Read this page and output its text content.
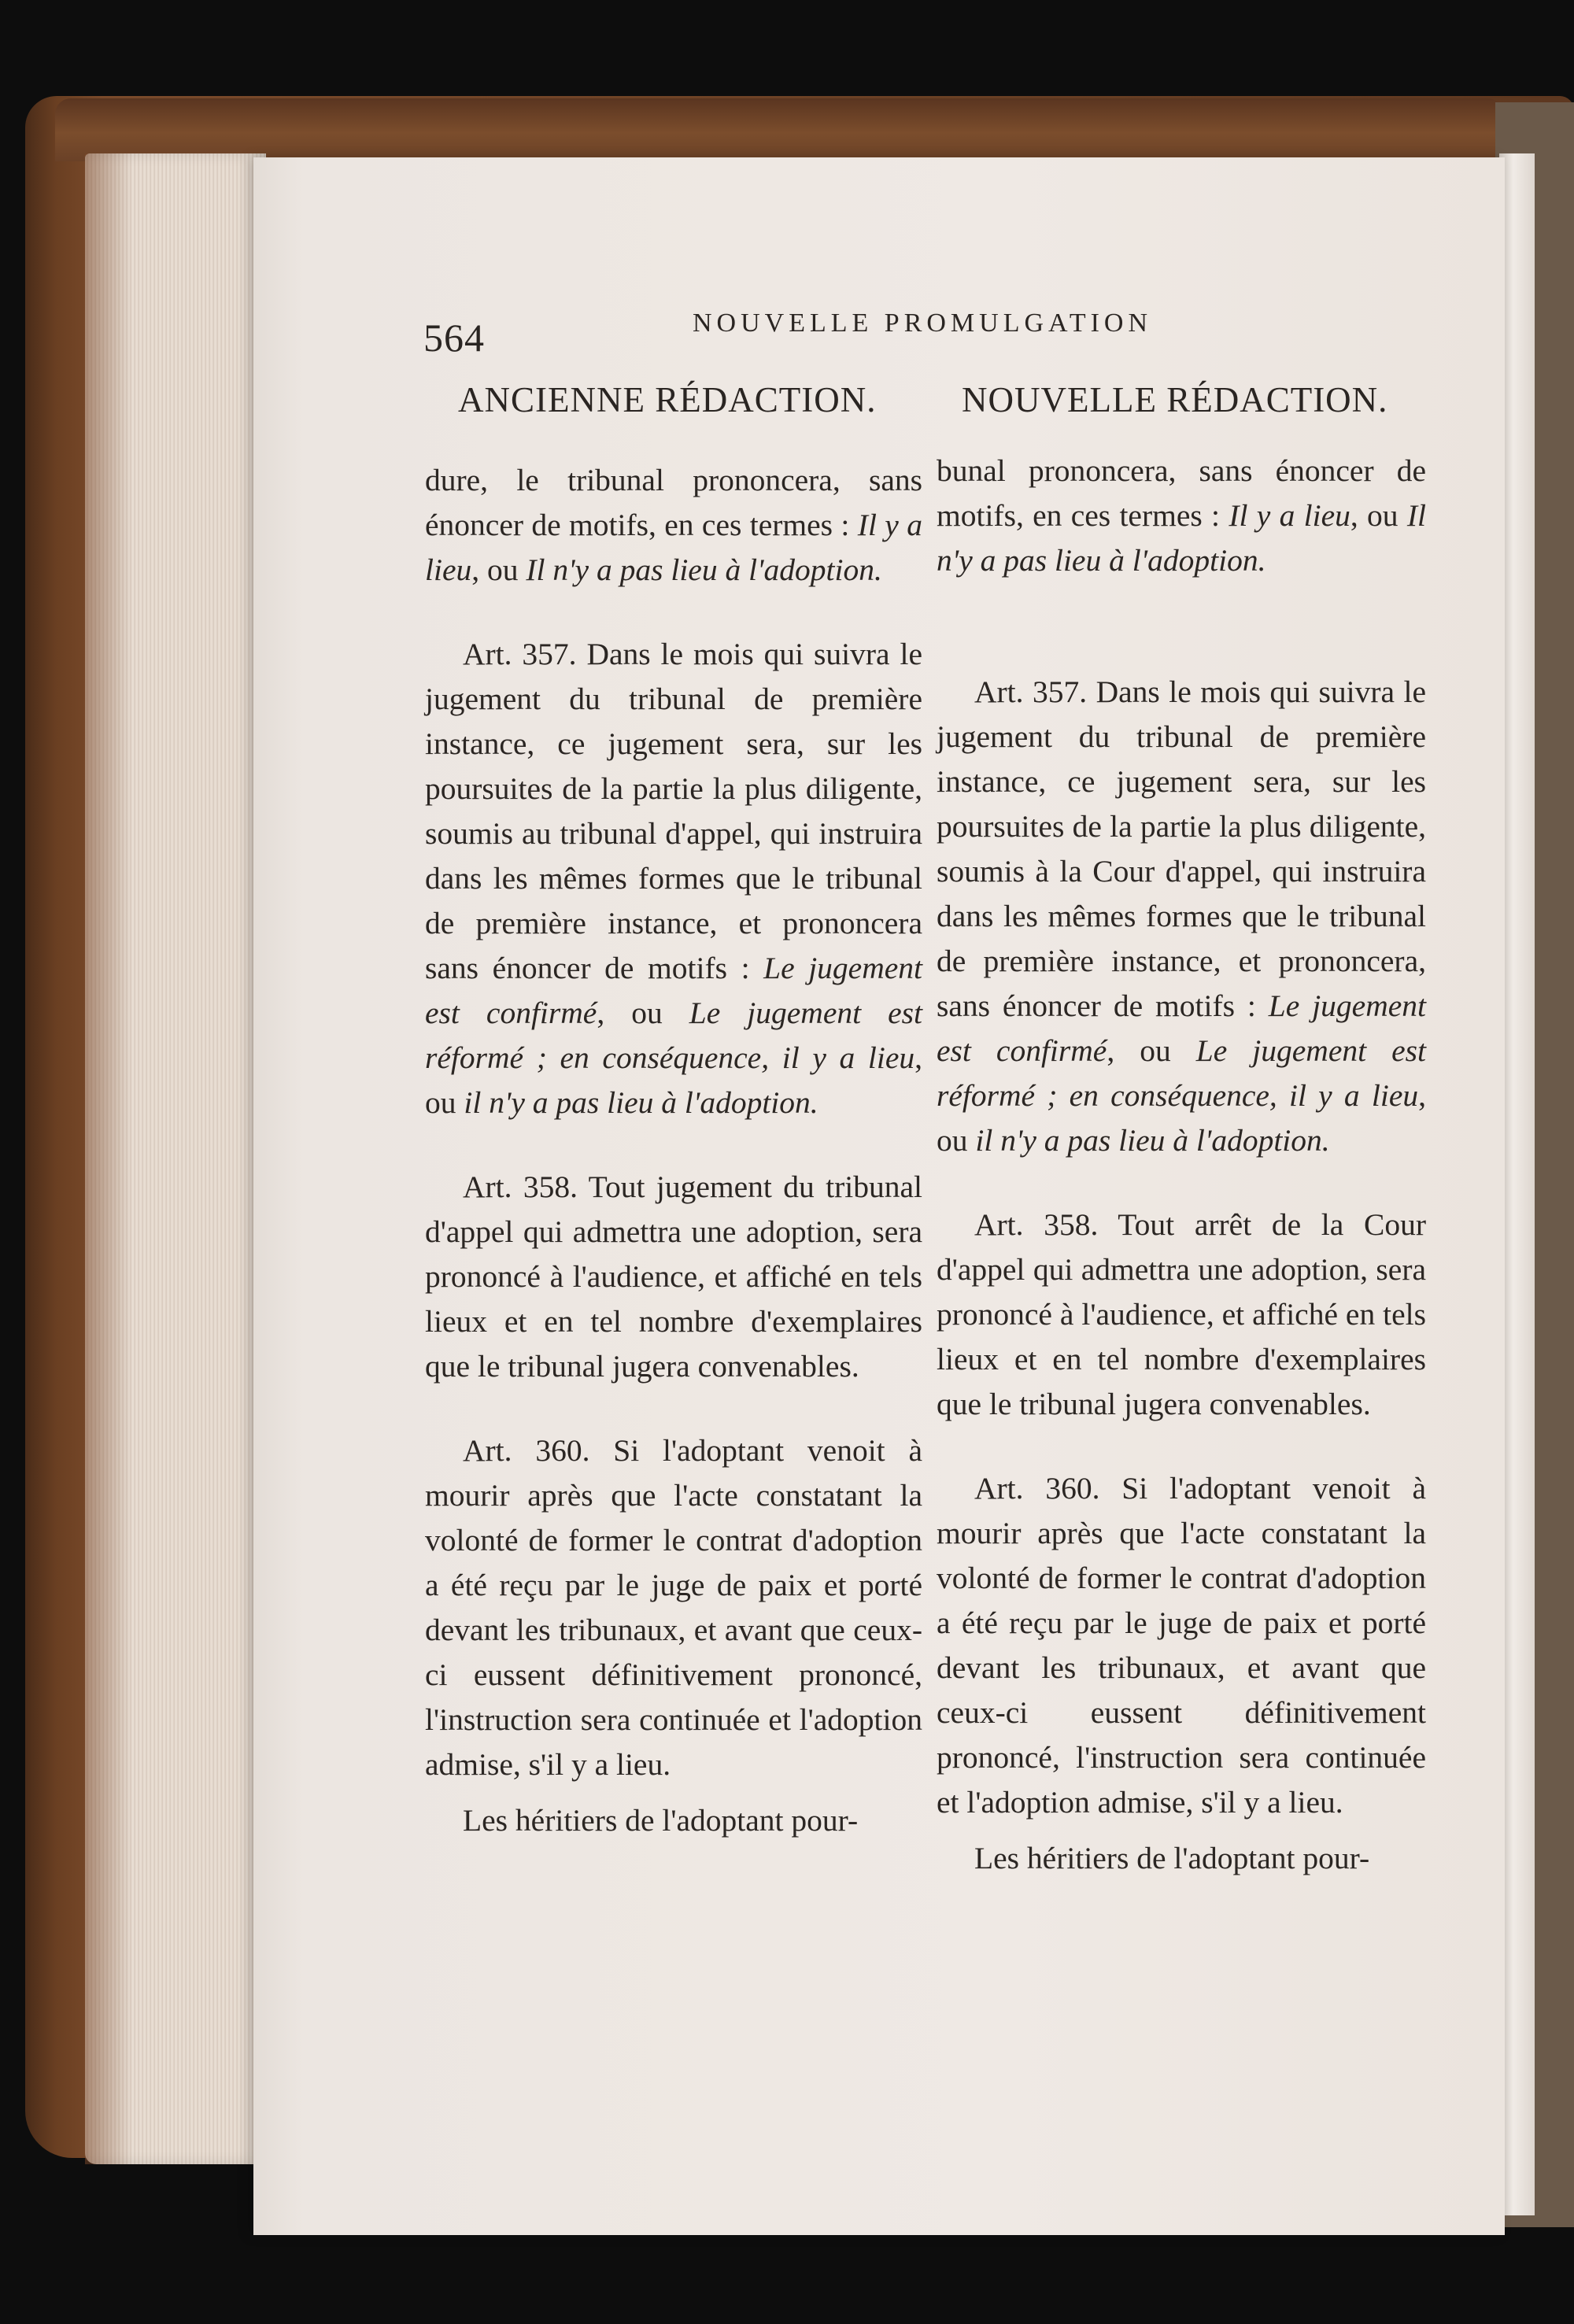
564	NOUVELLE PROMULGATION
ANCIENNE RÉDACTION. NOUVELLE RÉDACTION.

dure, le tribunal prononcera, sans énoncer de motifs, en ces termes : Il y a lieu, ou Il n'y a pas lieu à l'adoption.

Art. 357. Dans le mois qui suivra le jugement du tribunal de première instance, ce jugement sera, sur les poursuites de la partie la plus diligente, soumis au tribunal d'appel, qui instruira dans les mêmes formes que le tribunal de première instance, et prononcera sans énoncer de motifs : Le jugement est confirmé, ou Le jugement est réformé ; en conséquence, il y a lieu, ou il n'y a pas lieu à l'adoption.

Art. 358. Tout jugement du tribunal d'appel qui admettra une adoption, sera prononcé à l'audience, et affiché en tels lieux et en tel nombre d'exemplaires que le tribunal jugera convenables.

Art. 360. Si l'adoptant venoit à mourir après que l'acte constatant la volonté de former le contrat d'adoption a été reçu par le juge de paix et porté devant les tribunaux, et avant que ceux-ci eussent définitivement prononcé, l'instruction sera continuée et l'adoption admise, s'il y a lieu.

Les héritiers de l'adoptant pour-

bunal prononcera, sans énoncer de motifs, en ces termes : Il y a lieu, ou Il n'y a pas lieu à l'adoption.

Art. 357. Dans le mois qui suivra le jugement du tribunal de première instance, ce jugement sera, sur les poursuites de la partie la plus diligente, soumis à la Cour d'appel, qui instruira dans les mêmes formes que le tribunal de première instance, et prononcera, sans énoncer de motifs : Le jugement est confirmé, ou Le jugement est réformé ; en conséquence, il y a lieu, ou il n'y a pas lieu à l'adoption.

Art. 358. Tout arrêt de la Cour d'appel qui admettra une adoption, sera prononcé à l'audience, et affiché en tels lieux et en tel nombre d'exemplaires que le tribunal jugera convenables.

Art. 360. Si l'adoptant venoit à mourir après que l'acte constatant la volonté de former le contrat d'adoption a été reçu par le juge de paix et porté devant les tribunaux, et avant que ceux-ci eussent définitivement prononcé, l'instruction sera continuée et l'adoption admise, s'il y a lieu.

Les héritiers de l'adoptant pour-
